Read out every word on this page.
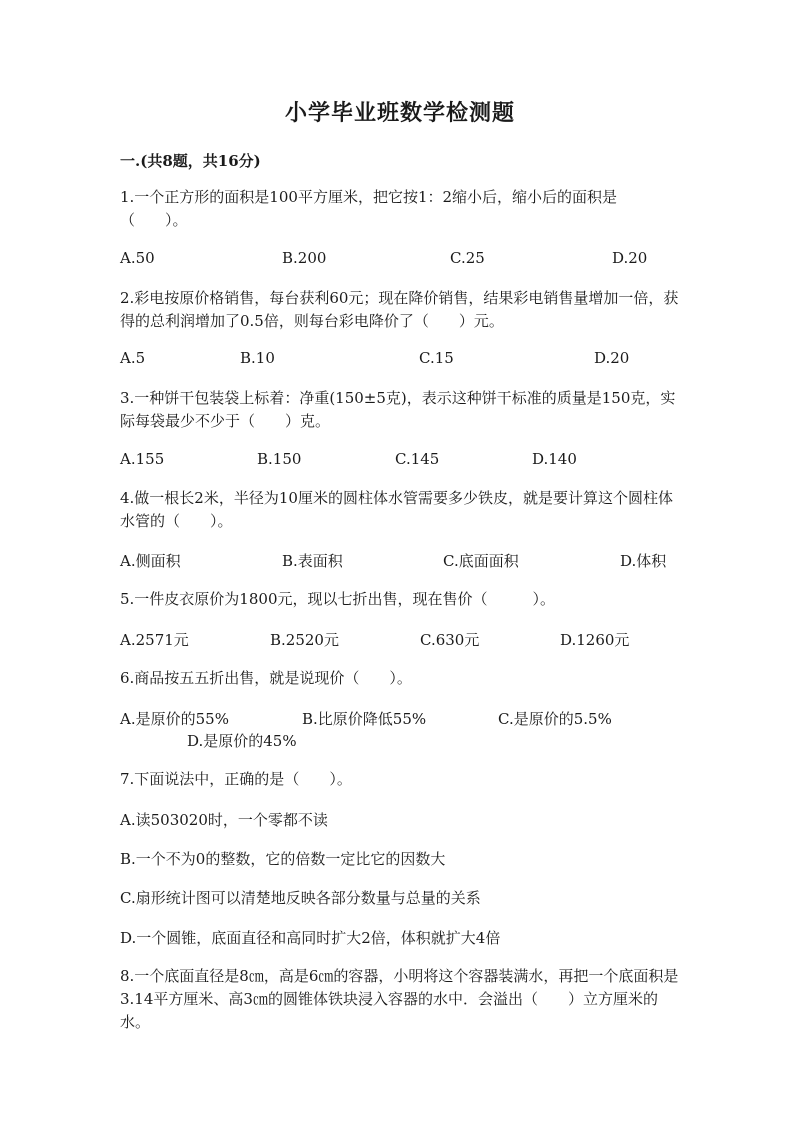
小学毕业班数学检测题
一.(共8题，共16分)
1.一个正方形的面积是100平方厘米，把它按1：2缩小后，缩小后的面积是（　　）。
A.50	B.200	C.25	D.20
2.彩电按原价格销售，每台获利60元；现在降价销售，结果彩电销售量增加一倍，获得的总利润增加了0.5倍，则每台彩电降价了（　　）元。
A.5	B.10	C.15	D.20
3.一种饼干包装袋上标着：净重(150±5克)，表示这种饼干标准的质量是150克，实际每袋最少不少于（　　）克。
A.155	B.150	C.145	D.140
4.做一根长2米，半径为10厘米的圆柱体水管需要多少铁皮，就是要计算这个圆柱体水管的（　　）。
A.侧面积	B.表面积	C.底面面积	D.体积
5.一件皮衣原价为1800元，现以七折出售，现在售价（　　　）。
A.2571元	B.2520元	C.630元	D.1260元
6.商品按五五折出售，就是说现价（　　）。
A.是原价的55%	B.比原价降低55%	C.是原价的5.5%
D.是原价的45%
7.下面说法中，正确的是（　　）。
A.读503020时，一个零都不读
B.一个不为0的整数，它的倍数一定比它的因数大
C.扇形统计图可以清楚地反映各部分数量与总量的关系
D.一个圆锥，底面直径和高同时扩大2倍，体积就扩大4倍
8.一个底面直径是8㎝，高是6㎝的容器，小明将这个容器装满水，再把一个底面积是3.14平方厘米、高3㎝的圆锥体铁块浸入容器的水中．会溢出（　　）立方厘米的水。
